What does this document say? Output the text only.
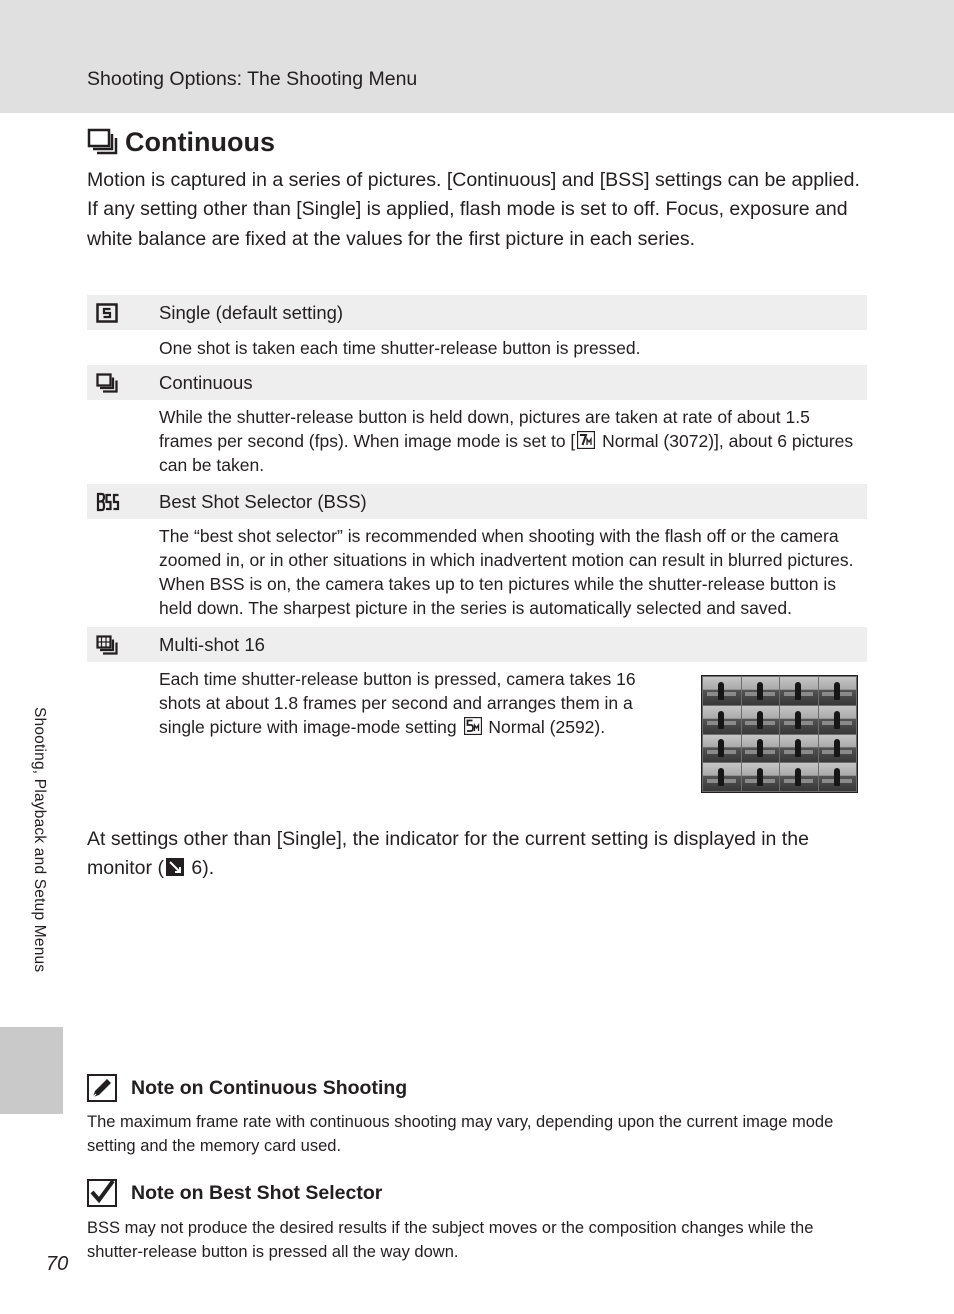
Shooting Options: The Shooting Menu
Continuous

Motion is captured in a series of pictures. [Continuous] and [BSS] settings can be applied. If any setting other than [Single] is applied, flash mode is set to off. Focus, exposure and white balance are fixed at the values for the first picture in each series.

Single (default setting)
One shot is taken each time shutter-release button is pressed.
Continuous
While the shutter-release button is held down, pictures are taken at rate of about 1.5 frames per second (fps). When image mode is set to [ Normal (3072)], about 6 pictures can be taken.
Best Shot Selector (BSS)
The “best shot selector” is recommended when shooting with the flash off or the camera zoomed in, or in other situations in which inadvertent motion can result in blurred pictures. When BSS is on, the camera takes up to ten pictures while the shutter-release button is held down. The sharpest picture in the series is automatically selected and saved.
Multi-shot 16
Each time shutter-release button is pressed, camera takes 16 shots at about 1.8 frames per second and arranges them in a single picture with image-mode setting  Normal (2592).

At settings other than [Single], the indicator for the current setting is displayed in the monitor ( 6).

Shooting, Playback and Setup Menus
Note on Continuous Shooting

The maximum frame rate with continuous shooting may vary, depending upon the current image mode setting and the memory card used.

Note on Best Shot Selector

BSS may not produce the desired results if the subject moves or the composition changes while the shutter-release button is pressed all the way down.

70
